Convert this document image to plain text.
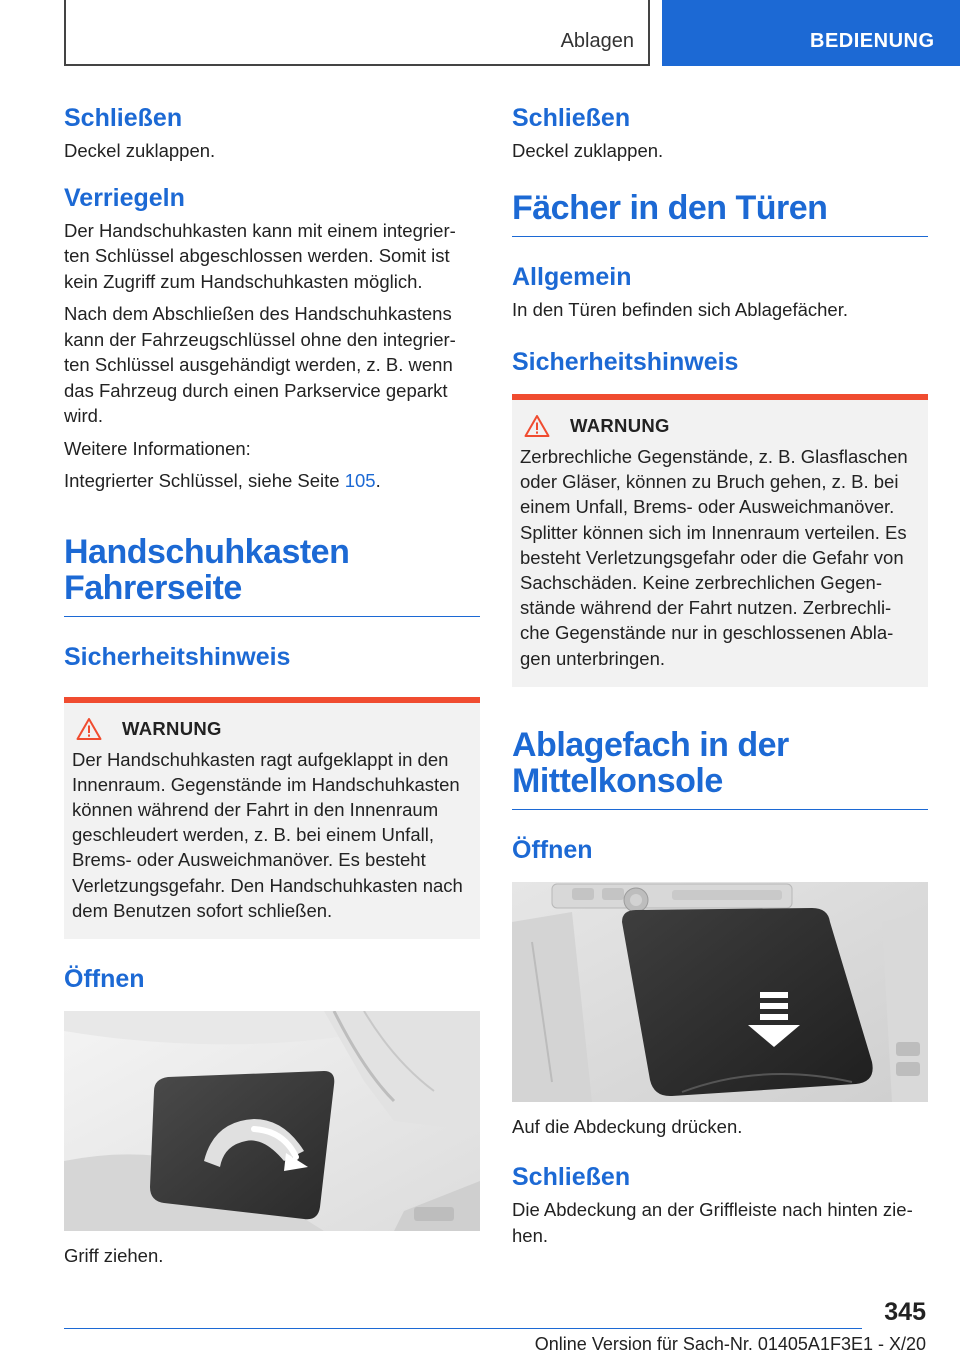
Ablagen	BEDIENUNG
Schließen

Deckel zuklappen.

Verriegeln

Der Handschuhkasten kann mit einem integrier-ten Schlüssel abgeschlossen werden. Somit ist kein Zugriff zum Handschuhkasten möglich.

Nach dem Abschließen des Handschuhkastens kann der Fahrzeugschlüssel ohne den integrier-ten Schlüssel ausgehändigt werden, z. B. wenn das Fahrzeug durch einen Parkservice geparkt wird.

Weitere Informationen:

Integrierter Schlüssel, siehe Seite 105.

Handschuhkasten
Fahrerseite
Sicherheitshinweis
WARNUNG

Der Handschuhkasten ragt aufgeklappt in den Innenraum. Gegenstände im Handschuhkasten können während der Fahrt in den Innenraum geschleudert werden, z. B. bei einem Unfall, Brems- oder Ausweichmanöver. Es besteht Verletzungsgefahr. Den Handschuhkasten nach dem Benutzen sofort schließen.

Öffnen

Griff ziehen.

Schließen

Deckel zuklappen.

Fächer in den Türen
Allgemein

In den Türen befinden sich Ablagefächer.

Sicherheitshinweis
WARNUNG

Zerbrechliche Gegenstände, z. B. Glasflaschen oder Gläser, können zu Bruch gehen, z. B. bei einem Unfall, Brems- oder Ausweichmanöver. Splitter können sich im Innenraum verteilen. Es besteht Verletzungsgefahr oder die Gefahr von Sachschäden. Keine zerbrechlichen Gegen-stände während der Fahrt nutzen. Zerbrechli-che Gegenstände nur in geschlossenen Abla-gen unterbringen.

Ablagefach in der
Mittelkonsole
Öffnen

Auf die Abdeckung drücken.

Schließen

Die Abdeckung an der Griffleiste nach hinten zie-hen.

345
Online Version für Sach-Nr. 01405A1F3E1 - X/20
